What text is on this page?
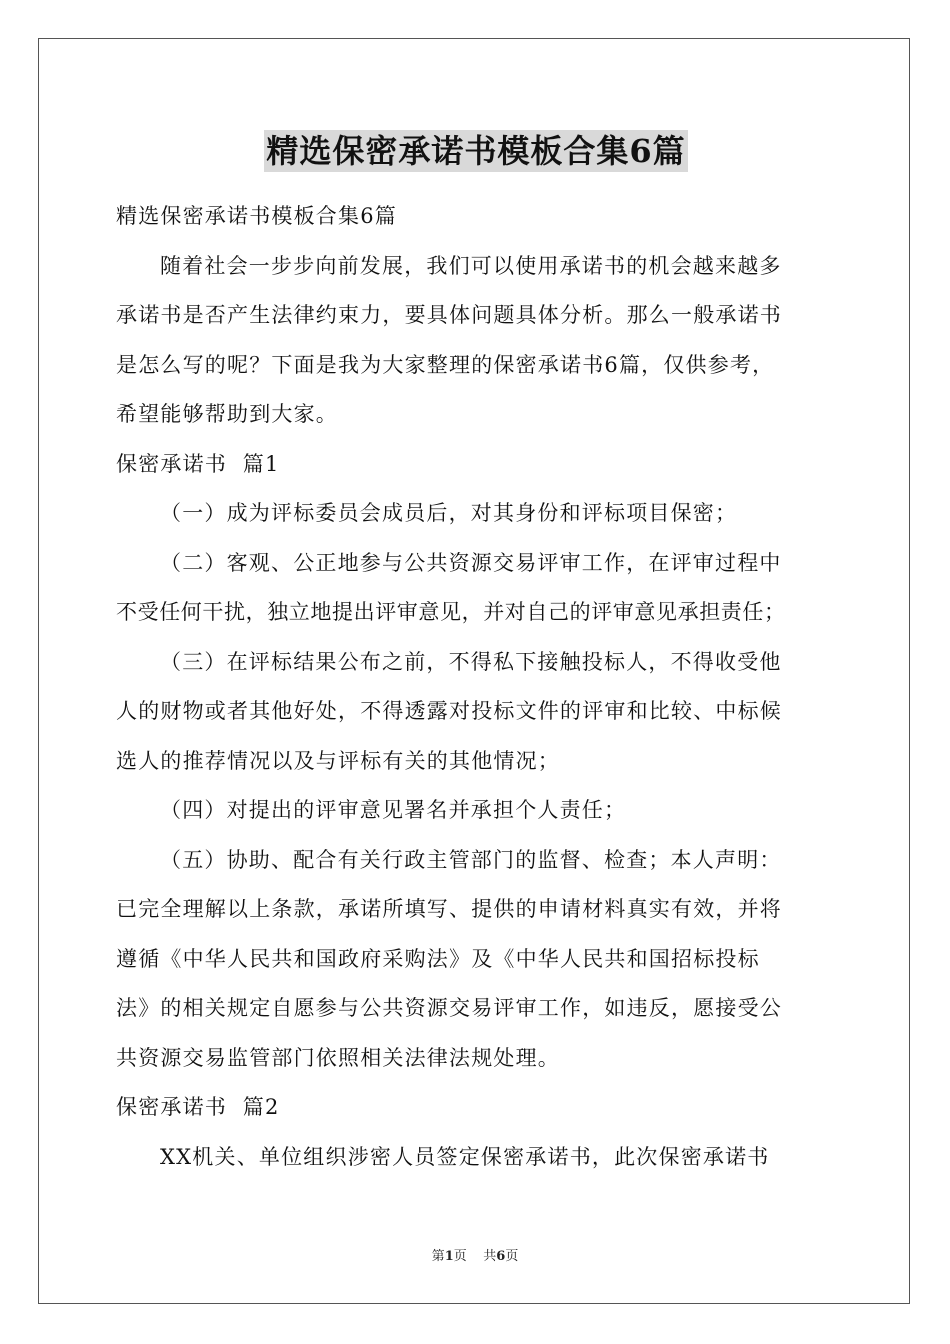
精选保密承诺书模板合集6篇

精选保密承诺书模板合集6篇

随着社会一步步向前发展，我们可以使用承诺书的机会越来越多

承诺书是否产生法律约束力，要具体问题具体分析。那么一般承诺书

是怎么写的呢？下面是我为大家整理的保密承诺书6篇，仅供参考，

希望能够帮助到大家。

保密承诺书  篇1

（一）成为评标委员会成员后，对其身份和评标项目保密；

（二）客观、公正地参与公共资源交易评审工作，在评审过程中

不受任何干扰，独立地提出评审意见，并对自己的评审意见承担责任；

（三）在评标结果公布之前，不得私下接触投标人，不得收受他

人的财物或者其他好处，不得透露对投标文件的评审和比较、中标候

选人的推荐情况以及与评标有关的其他情况；

（四）对提出的评审意见署名并承担个人责任；

（五）协助、配合有关行政主管部门的监督、检查；本人声明：

已完全理解以上条款，承诺所填写、提供的申请材料真实有效，并将

遵循《中华人民共和国政府采购法》及《中华人民共和国招标投标

法》的相关规定自愿参与公共资源交易评审工作，如违反，愿接受公

共资源交易监管部门依照相关法律法规处理。

保密承诺书  篇2

XX机关、单位组织涉密人员签定保密承诺书，此次保密承诺书

第1页    共6页
